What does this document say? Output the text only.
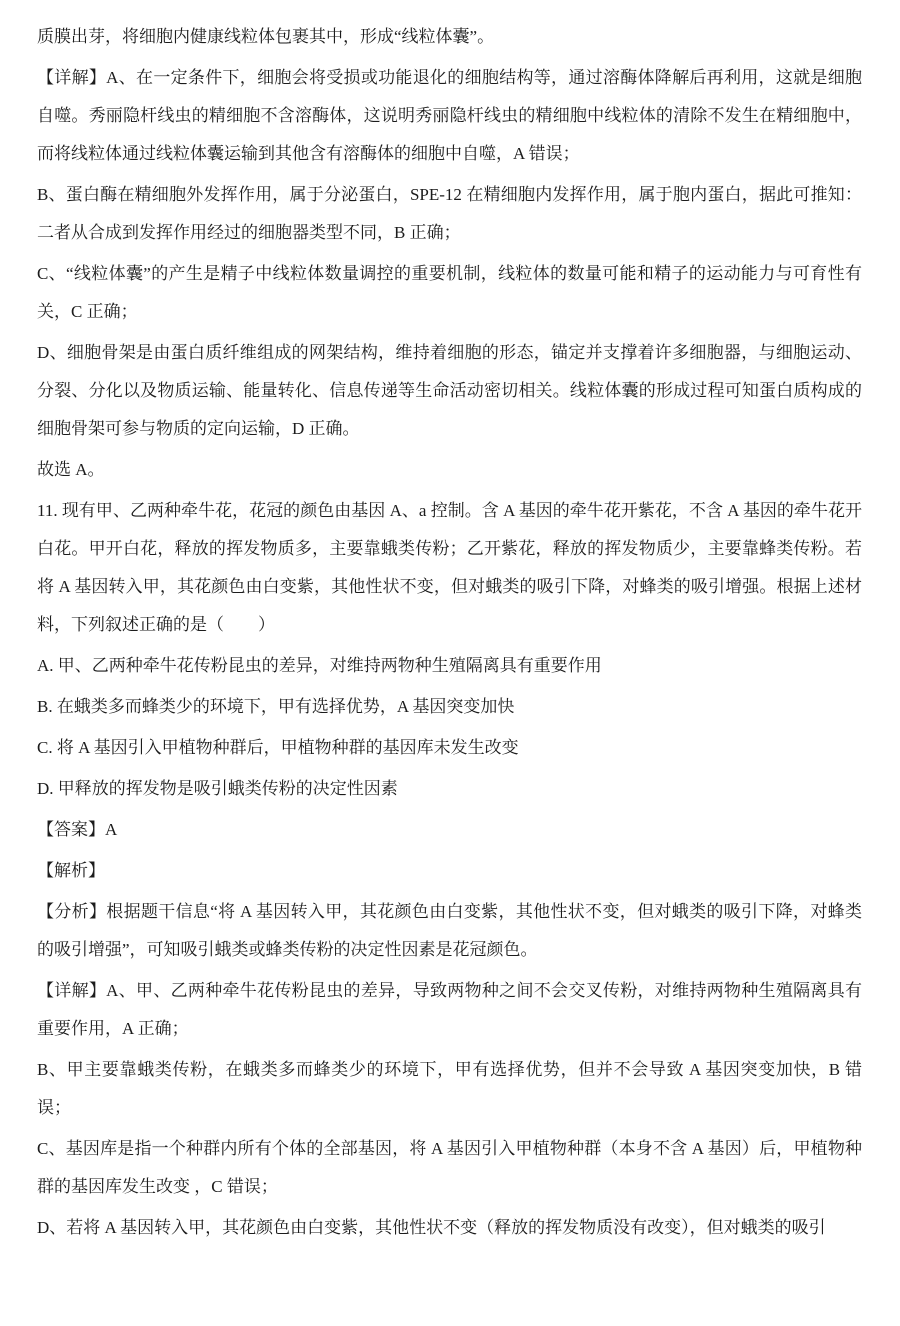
质膜出芽，将细胞内健康线粒体包裹其中，形成“线粒体囊”。

【详解】A、在一定条件下，细胞会将受损或功能退化的细胞结构等，通过溶酶体降解后再利用，这就是细胞自噬。秀丽隐杆线虫的精细胞不含溶酶体，这说明秀丽隐杆线虫的精细胞中线粒体的清除不发生在精细胞中，而将线粒体通过线粒体囊运输到其他含有溶酶体的细胞中自噬，A 错误；

B、蛋白酶在精细胞外发挥作用，属于分泌蛋白，SPE-12 在精细胞内发挥作用，属于胞内蛋白，据此可推知：二者从合成到发挥作用经过的细胞器类型不同，B 正确；

C、“线粒体囊”的产生是精子中线粒体数量调控的重要机制，线粒体的数量可能和精子的运动能力与可育性有关，C 正确；

D、细胞骨架是由蛋白质纤维组成的网架结构，维持着细胞的形态，锚定并支撑着许多细胞器，与细胞运动、分裂、分化以及物质运输、能量转化、信息传递等生命活动密切相关。线粒体囊的形成过程可知蛋白质构成的细胞骨架可参与物质的定向运输，D 正确。

故选 A。

11. 现有甲、乙两种牵牛花，花冠的颜色由基因 A、a 控制。含 A 基因的牵牛花开紫花，不含 A 基因的牵牛花开白花。甲开白花，释放的挥发物质多，主要靠蛾类传粉；乙开紫花，释放的挥发物质少，主要靠蜂类传粉。若将 A 基因转入甲，其花颜色由白变紫，其他性状不变，但对蛾类的吸引下降，对蜂类的吸引增强。根据上述材料，下列叙述正确的是（　　）

A. 甲、乙两种牵牛花传粉昆虫的差异，对维持两物种生殖隔离具有重要作用

B. 在蛾类多而蜂类少的环境下，甲有选择优势，A 基因突变加快

C. 将 A 基因引入甲植物种群后，甲植物种群的基因库未发生改变

D. 甲释放的挥发物是吸引蛾类传粉的决定性因素

【答案】A

【解析】

【分析】根据题干信息“将 A 基因转入甲，其花颜色由白变紫，其他性状不变，但对蛾类的吸引下降，对蜂类的吸引增强”，可知吸引蛾类或蜂类传粉的决定性因素是花冠颜色。

【详解】A、甲、乙两种牵牛花传粉昆虫的差异，导致两物种之间不会交叉传粉，对维持两物种生殖隔离具有重要作用，A 正确；

B、甲主要靠蛾类传粉，在蛾类多而蜂类少的环境下，甲有选择优势，但并不会导致 A 基因突变加快，B 错误；

C、基因库是指一个种群内所有个体的全部基因，将 A 基因引入甲植物种群（本身不含 A 基因）后，甲植物种群的基因库发生改变 ，C 错误；

D、若将 A 基因转入甲，其花颜色由白变紫，其他性状不变（释放的挥发物质没有改变），但对蛾类的吸引
